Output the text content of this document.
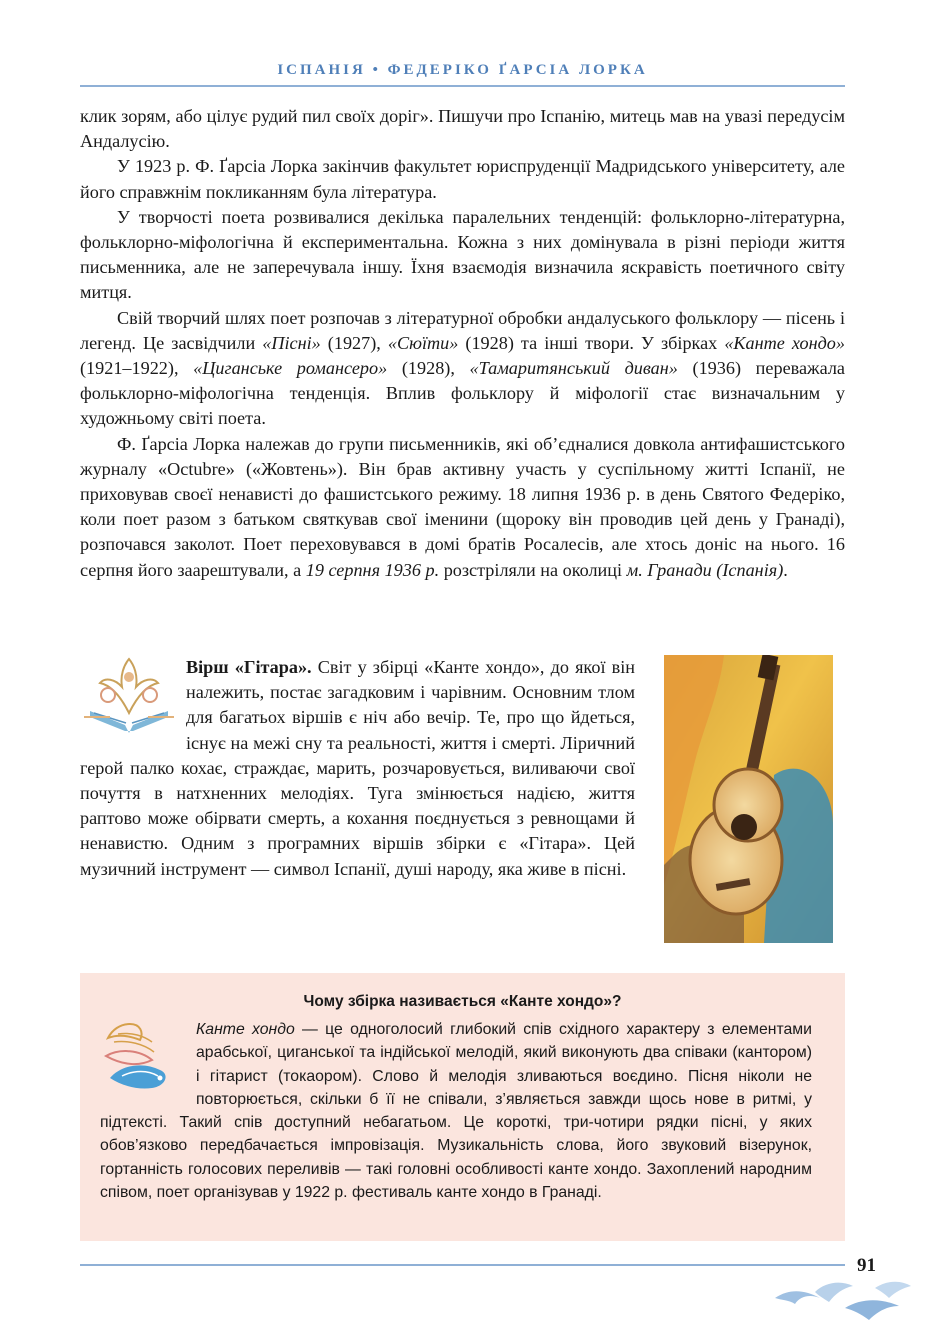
ІСПАНІЯ • ФЕДЕРІКО ҐАРСІА ЛОРКА

клик зорям, або цілує рудий пил своїх доріг». Пишучи про Іспанію, митець мав на увазі передусім Андалусію.

У 1923 р. Ф. Ґарсіа Лорка закінчив факультет юриспруденції Мадридського університету, але його справжнім покликанням була література.

У творчості поета розвивалися декілька паралельних тенденцій: фольклорно-літературна, фольклорно-міфологічна й експериментальна. Кожна з них домінувала в різні періоди життя письменника, але не заперечувала іншу. Їхня взаємодія визначила яскравість поетичного світу митця.

Свій творчий шлях поет розпочав з літературної обробки андалуського фольклору — пісень і легенд. Це засвідчили «Пісні» (1927), «Сюїти» (1928) та інші твори. У збірках «Канте хондо» (1921–1922), «Циганське романсеро» (1928), «Тамаритянський диван» (1936) переважала фольклорно-міфологічна тенденція. Вплив фольклору й міфології стає визначальним у художньому світі поета.

Ф. Ґарсіа Лорка належав до групи письменників, які об’єдналися довкола антифашистського журналу «Octubre» («Жовтень»). Він брав активну участь у суспільному житті Іспанії, не приховував своєї ненависті до фашистського режиму. 18 липня 1936 р. в день Святого Федеріко, коли поет разом з батьком святкував свої іменини (щороку він проводив цей день у Гранаді), розпочався заколот. Поет переховувався в домі братів Росалесів, але хтось доніс на нього. 16 серпня його заарештували, а 19 серпня 1936 р. розстріляли на околиці м. Гранади (Іспанія).

Вірш «Гітара». Світ у збірці «Канте хондо», до якої він належить, постає загадковим і чарівним. Основним тлом для багатьох віршів є ніч або вечір. Те, про що йдеться, існує на межі сну та реальності, життя і смерті. Ліричний герой палко кохає, страждає, марить, розчаровується, виливаючи свої почуття в натхненних мелодіях. Туга змінюється надією, життя раптово може обірвати смерть, а кохання поєднується з ревнощами й ненавистю. Одним з програмних віршів збірки є «Гітара». Цей музичний інструмент — символ Іспанії, душі народу, яка живе в пісні.
Чому збірка називається «Канте хондо»?
Канте хондо — це одноголосий глибокий спів східного характеру з елементами арабської, циганської та індійської мелодій, який виконують два співаки (кантором) і гітарист (токаором). Слово й мелодія зливаються воєдино. Пісня ніколи не повторюється, скільки б її не співали, з’являється завжди щось нове в ритмі, у підтексті. Такий спів доступний небагатьом. Це короткі, три-чотири рядки пісні, у яких обов’язково передбачається імпровізація. Музикальність слова, його звуковий візерунок, гортанність голосових переливів — такі головні особливості канте хондо. Захоплений народним співом, поет організував у 1922 р. фестиваль канте хондо в Гранаді.
91
